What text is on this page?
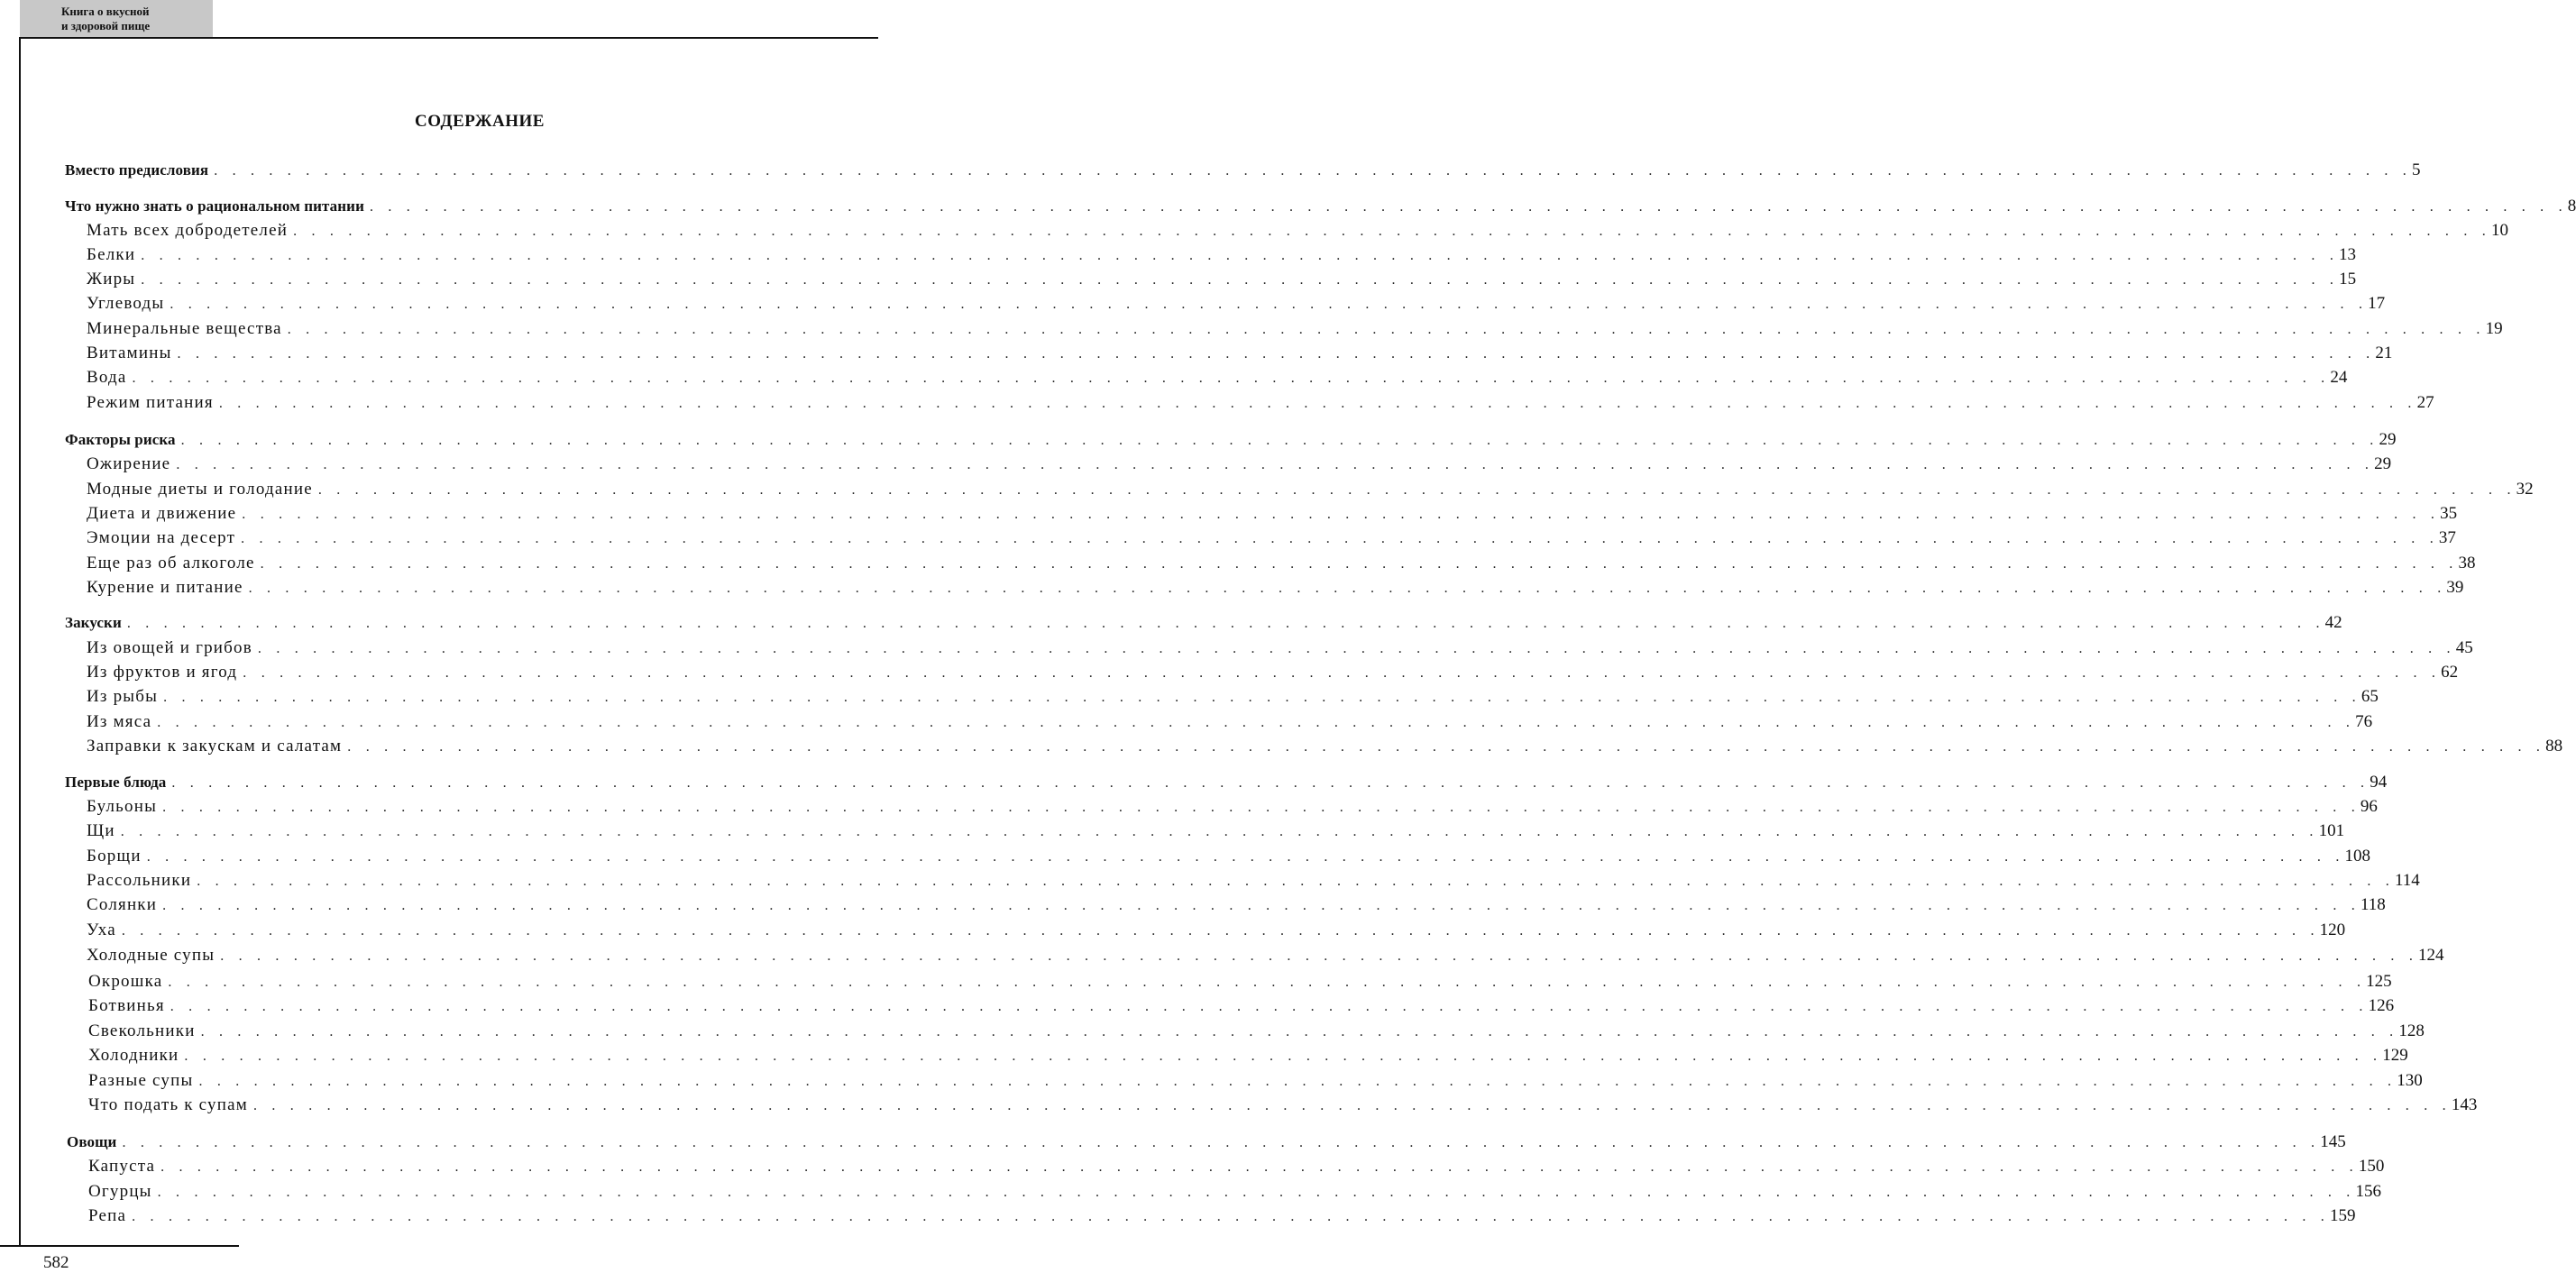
Книга о вкусной
и здоровой пище
СОДЕРЖАНИЕ
Вместо предисловия . . . . . . . . . . . . . . . . . . . . . . . . . . . . . . . . . . . . . . . . . . . . . . . . . . . . . . . . . . . . . . . . . . . . . . . . . . . . . . . . . . . . . . . . . . . . . . . . . . . . . . . . . . . . . . . . . . . . . . . . 5
Что нужно знать о рациональном питании . . . . . . . . . . . . . . . . . . . . . . . . . . . . . . . . . . . . . . . . . . . . . . . . . . . . . . . . . . . . . . . . . . . . . . . . . . . . . . . . . . . . . . . . . . . . . . . . . . . . . . . . . . . . . . . . . . . . . . . . 8
Мать всех добродетелей . . . . . . . . . . . . . . . . . . . . . . . . . . . . . . . . . . . . . . . . . . . . . . . . . . . . . . . . . . . . . . . . . . . . . . . . . . . . . . . . . . . . . . . . . . . . . . . . . . . . . . . . . . . . . . . . . . . . . . . . 10
Белки . . . . . . . . . . . . . . . . . . . . . . . . . . . . . . . . . . . . . . . . . . . . . . . . . . . . . . . . . . . . . . . . . . . . . . . . . . . . . . . . . . . . . . . . . . . . . . . . . . . . . . . . . . . . . . . . . . . . . . . . 13
Жиры . . . . . . . . . . . . . . . . . . . . . . . . . . . . . . . . . . . . . . . . . . . . . . . . . . . . . . . . . . . . . . . . . . . . . . . . . . . . . . . . . . . . . . . . . . . . . . . . . . . . . . . . . . . . . . . . . . . . . . . . 15
Углеводы . . . . . . . . . . . . . . . . . . . . . . . . . . . . . . . . . . . . . . . . . . . . . . . . . . . . . . . . . . . . . . . . . . . . . . . . . . . . . . . . . . . . . . . . . . . . . . . . . . . . . . . . . . . . . . . . . . . . . . . . 17
Минеральные вещества . . . . . . . . . . . . . . . . . . . . . . . . . . . . . . . . . . . . . . . . . . . . . . . . . . . . . . . . . . . . . . . . . . . . . . . . . . . . . . . . . . . . . . . . . . . . . . . . . . . . . . . . . . . . . . . . . . . . . . . . 19
Витамины . . . . . . . . . . . . . . . . . . . . . . . . . . . . . . . . . . . . . . . . . . . . . . . . . . . . . . . . . . . . . . . . . . . . . . . . . . . . . . . . . . . . . . . . . . . . . . . . . . . . . . . . . . . . . . . . . . . . . . . . 21
Вода . . . . . . . . . . . . . . . . . . . . . . . . . . . . . . . . . . . . . . . . . . . . . . . . . . . . . . . . . . . . . . . . . . . . . . . . . . . . . . . . . . . . . . . . . . . . . . . . . . . . . . . . . . . . . . . . . . . . . . . . 24
Режим питания . . . . . . . . . . . . . . . . . . . . . . . . . . . . . . . . . . . . . . . . . . . . . . . . . . . . . . . . . . . . . . . . . . . . . . . . . . . . . . . . . . . . . . . . . . . . . . . . . . . . . . . . . . . . . . . . . . . . . . . . 27
Факторы риска . . . . . . . . . . . . . . . . . . . . . . . . . . . . . . . . . . . . . . . . . . . . . . . . . . . . . . . . . . . . . . . . . . . . . . . . . . . . . . . . . . . . . . . . . . . . . . . . . . . . . . . . . . . . . . . . . . . . . . . . 29
Ожирение . . . . . . . . . . . . . . . . . . . . . . . . . . . . . . . . . . . . . . . . . . . . . . . . . . . . . . . . . . . . . . . . . . . . . . . . . . . . . . . . . . . . . . . . . . . . . . . . . . . . . . . . . . . . . . . . . . . . . . . . 29
Модные диеты и голодание . . . . . . . . . . . . . . . . . . . . . . . . . . . . . . . . . . . . . . . . . . . . . . . . . . . . . . . . . . . . . . . . . . . . . . . . . . . . . . . . . . . . . . . . . . . . . . . . . . . . . . . . . . . . . . . . . . . . . . . . 32
Диета и движение . . . . . . . . . . . . . . . . . . . . . . . . . . . . . . . . . . . . . . . . . . . . . . . . . . . . . . . . . . . . . . . . . . . . . . . . . . . . . . . . . . . . . . . . . . . . . . . . . . . . . . . . . . . . . . . . . . . . . . . . 35
Эмоции на десерт . . . . . . . . . . . . . . . . . . . . . . . . . . . . . . . . . . . . . . . . . . . . . . . . . . . . . . . . . . . . . . . . . . . . . . . . . . . . . . . . . . . . . . . . . . . . . . . . . . . . . . . . . . . . . . . . . . . . . . . . 37
Еще раз об алкоголе . . . . . . . . . . . . . . . . . . . . . . . . . . . . . . . . . . . . . . . . . . . . . . . . . . . . . . . . . . . . . . . . . . . . . . . . . . . . . . . . . . . . . . . . . . . . . . . . . . . . . . . . . . . . . . . . . . . . . . . . 38
Курение и питание . . . . . . . . . . . . . . . . . . . . . . . . . . . . . . . . . . . . . . . . . . . . . . . . . . . . . . . . . . . . . . . . . . . . . . . . . . . . . . . . . . . . . . . . . . . . . . . . . . . . . . . . . . . . . . . . . . . . . . . . 39
Закуски . . . . . . . . . . . . . . . . . . . . . . . . . . . . . . . . . . . . . . . . . . . . . . . . . . . . . . . . . . . . . . . . . . . . . . . . . . . . . . . . . . . . . . . . . . . . . . . . . . . . . . . . . . . . . . . . . . . . . . . . 42
Из овощей и грибов . . . . . . . . . . . . . . . . . . . . . . . . . . . . . . . . . . . . . . . . . . . . . . . . . . . . . . . . . . . . . . . . . . . . . . . . . . . . . . . . . . . . . . . . . . . . . . . . . . . . . . . . . . . . . . . . . . . . . . . . 45
Из фруктов и ягод . . . . . . . . . . . . . . . . . . . . . . . . . . . . . . . . . . . . . . . . . . . . . . . . . . . . . . . . . . . . . . . . . . . . . . . . . . . . . . . . . . . . . . . . . . . . . . . . . . . . . . . . . . . . . . . . . . . . . . . . 62
Из рыбы . . . . . . . . . . . . . . . . . . . . . . . . . . . . . . . . . . . . . . . . . . . . . . . . . . . . . . . . . . . . . . . . . . . . . . . . . . . . . . . . . . . . . . . . . . . . . . . . . . . . . . . . . . . . . . . . . . . . . . . . 65
Из мяса . . . . . . . . . . . . . . . . . . . . . . . . . . . . . . . . . . . . . . . . . . . . . . . . . . . . . . . . . . . . . . . . . . . . . . . . . . . . . . . . . . . . . . . . . . . . . . . . . . . . . . . . . . . . . . . . . . . . . . . . 76
Заправки к закускам и салатам . . . . . . . . . . . . . . . . . . . . . . . . . . . . . . . . . . . . . . . . . . . . . . . . . . . . . . . . . . . . . . . . . . . . . . . . . . . . . . . . . . . . . . . . . . . . . . . . . . . . . . . . . . . . . . . . . . . . . . . . 88
Первые блюда . . . . . . . . . . . . . . . . . . . . . . . . . . . . . . . . . . . . . . . . . . . . . . . . . . . . . . . . . . . . . . . . . . . . . . . . . . . . . . . . . . . . . . . . . . . . . . . . . . . . . . . . . . . . . . . . . . . . . . . . 94
Бульоны . . . . . . . . . . . . . . . . . . . . . . . . . . . . . . . . . . . . . . . . . . . . . . . . . . . . . . . . . . . . . . . . . . . . . . . . . . . . . . . . . . . . . . . . . . . . . . . . . . . . . . . . . . . . . . . . . . . . . . . . 96
Щи . . . . . . . . . . . . . . . . . . . . . . . . . . . . . . . . . . . . . . . . . . . . . . . . . . . . . . . . . . . . . . . . . . . . . . . . . . . . . . . . . . . . . . . . . . . . . . . . . . . . . . . . . . . . . . . . . . . . . . . . 101
Борщи . . . . . . . . . . . . . . . . . . . . . . . . . . . . . . . . . . . . . . . . . . . . . . . . . . . . . . . . . . . . . . . . . . . . . . . . . . . . . . . . . . . . . . . . . . . . . . . . . . . . . . . . . . . . . . . . . . . . . . . . 108
Рассольники . . . . . . . . . . . . . . . . . . . . . . . . . . . . . . . . . . . . . . . . . . . . . . . . . . . . . . . . . . . . . . . . . . . . . . . . . . . . . . . . . . . . . . . . . . . . . . . . . . . . . . . . . . . . . . . . . . . . . . . . 114
Солянки . . . . . . . . . . . . . . . . . . . . . . . . . . . . . . . . . . . . . . . . . . . . . . . . . . . . . . . . . . . . . . . . . . . . . . . . . . . . . . . . . . . . . . . . . . . . . . . . . . . . . . . . . . . . . . . . . . . . . . . . 118
Уха . . . . . . . . . . . . . . . . . . . . . . . . . . . . . . . . . . . . . . . . . . . . . . . . . . . . . . . . . . . . . . . . . . . . . . . . . . . . . . . . . . . . . . . . . . . . . . . . . . . . . . . . . . . . . . . . . . . . . . . . 120
Холодные супы . . . . . . . . . . . . . . . . . . . . . . . . . . . . . . . . . . . . . . . . . . . . . . . . . . . . . . . . . . . . . . . . . . . . . . . . . . . . . . . . . . . . . . . . . . . . . . . . . . . . . . . . . . . . . . . . . . . . . . . . 124
Окрошка . . . . . . . . . . . . . . . . . . . . . . . . . . . . . . . . . . . . . . . . . . . . . . . . . . . . . . . . . . . . . . . . . . . . . . . . . . . . . . . . . . . . . . . . . . . . . . . . . . . . . . . . . . . . . . . . . . . . . . . . 125
Ботвинья . . . . . . . . . . . . . . . . . . . . . . . . . . . . . . . . . . . . . . . . . . . . . . . . . . . . . . . . . . . . . . . . . . . . . . . . . . . . . . . . . . . . . . . . . . . . . . . . . . . . . . . . . . . . . . . . . . . . . . . . 126
Свекольники . . . . . . . . . . . . . . . . . . . . . . . . . . . . . . . . . . . . . . . . . . . . . . . . . . . . . . . . . . . . . . . . . . . . . . . . . . . . . . . . . . . . . . . . . . . . . . . . . . . . . . . . . . . . . . . . . . . . . . . . 128
Холодники . . . . . . . . . . . . . . . . . . . . . . . . . . . . . . . . . . . . . . . . . . . . . . . . . . . . . . . . . . . . . . . . . . . . . . . . . . . . . . . . . . . . . . . . . . . . . . . . . . . . . . . . . . . . . . . . . . . . . . . . 129
Разные супы . . . . . . . . . . . . . . . . . . . . . . . . . . . . . . . . . . . . . . . . . . . . . . . . . . . . . . . . . . . . . . . . . . . . . . . . . . . . . . . . . . . . . . . . . . . . . . . . . . . . . . . . . . . . . . . . . . . . . . . . 130
Что подать к супам . . . . . . . . . . . . . . . . . . . . . . . . . . . . . . . . . . . . . . . . . . . . . . . . . . . . . . . . . . . . . . . . . . . . . . . . . . . . . . . . . . . . . . . . . . . . . . . . . . . . . . . . . . . . . . . . . . . . . . . . 143
Овощи . . . . . . . . . . . . . . . . . . . . . . . . . . . . . . . . . . . . . . . . . . . . . . . . . . . . . . . . . . . . . . . . . . . . . . . . . . . . . . . . . . . . . . . . . . . . . . . . . . . . . . . . . . . . . . . . . . . . . . . . 145
Капуста . . . . . . . . . . . . . . . . . . . . . . . . . . . . . . . . . . . . . . . . . . . . . . . . . . . . . . . . . . . . . . . . . . . . . . . . . . . . . . . . . . . . . . . . . . . . . . . . . . . . . . . . . . . . . . . . . . . . . . . . 150
Огурцы . . . . . . . . . . . . . . . . . . . . . . . . . . . . . . . . . . . . . . . . . . . . . . . . . . . . . . . . . . . . . . . . . . . . . . . . . . . . . . . . . . . . . . . . . . . . . . . . . . . . . . . . . . . . . . . . . . . . . . . . 156
Репа . . . . . . . . . . . . . . . . . . . . . . . . . . . . . . . . . . . . . . . . . . . . . . . . . . . . . . . . . . . . . . . . . . . . . . . . . . . . . . . . . . . . . . . . . . . . . . . . . . . . . . . . . . . . . . . . . . . . . . . . 159
582
